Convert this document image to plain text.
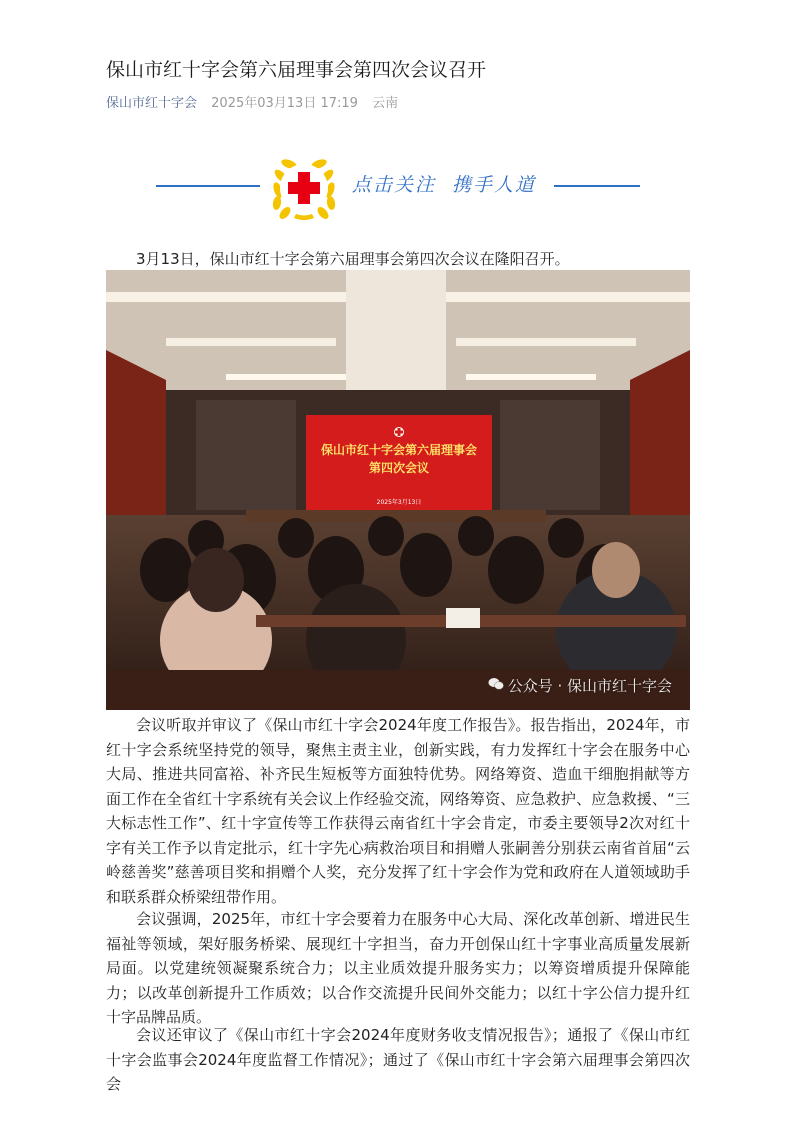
保山市红十字会第六届理事会第四次会议召开
保山市红十字会 2025年03月13日 17:19 云南
点击关注 携手人道

3月13日，保山市红十字会第六届理事会第四次会议在隆阳召开。

保山市红十字会第六届理事会
第四次会议
2025年3月13日
公众号 · 保山市红十字会

会议听取并审议了《保山市红十字会2024年度工作报告》。报告指出，2024年，市红十字会系统坚持党的领导，聚焦主责主业，创新实践，有力发挥红十字会在服务中心大局、推进共同富裕、补齐民生短板等方面独特优势。网络筹资、造血干细胞捐献等方面工作在全省红十字系统有关会议上作经验交流，网络筹资、应急救护、应急救援、“三大标志性工作”、红十字宣传等工作获得云南省红十字会肯定，市委主要领导2次对红十字有关工作予以肯定批示，红十字先心病救治项目和捐赠人张嗣善分别获云南省首届“云岭慈善奖”慈善项目奖和捐赠个人奖，充分发挥了红十字会作为党和政府在人道领域助手和联系群众桥梁纽带作用。

会议强调，2025年，市红十字会要着力在服务中心大局、深化改革创新、增进民生福祉等领域，架好服务桥梁、展现红十字担当，奋力开创保山红十字事业高质量发展新局面。以党建统领凝聚系统合力；以主业质效提升服务实力；以筹资增质提升保障能力；以改革创新提升工作质效；以合作交流提升民间外交能力；以红十字公信力提升红十字品牌品质。

会议还审议了《保山市红十字会2024年度财务收支情况报告》；通报了《保山市红十字会监事会2024年度监督工作情况》；通过了《保山市红十字会第六届理事会第四次会
